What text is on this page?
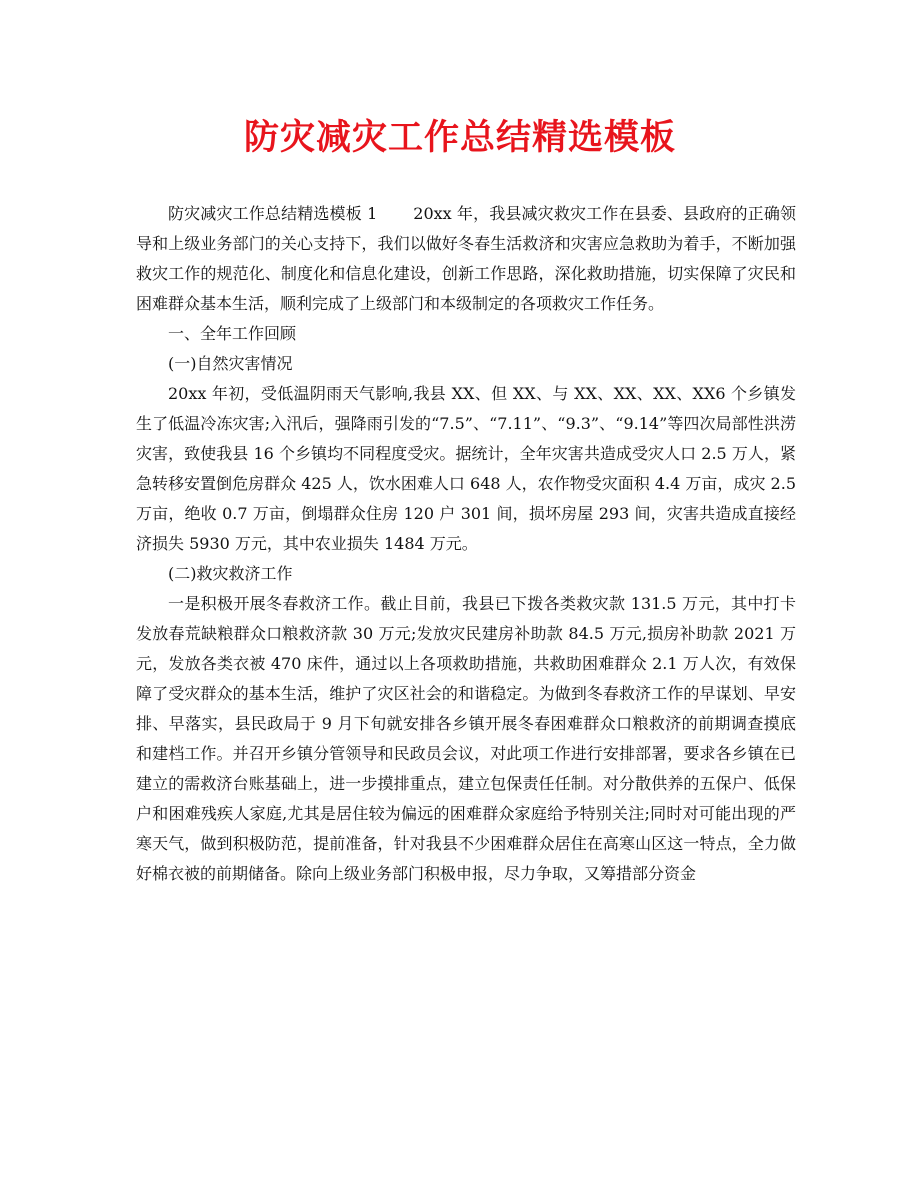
防灾减灾工作总结精选模板

防灾减灾工作总结精选模板 1 20xx 年，我县减灾救灾工作在县委、县政府的正确领导和上级业务部门的关心支持下，我们以做好冬春生活救济和灾害应急救助为着手，不断加强救灾工作的规范化、制度化和信息化建设，创新工作思路，深化救助措施，切实保障了灾民和困难群众基本生活，顺利完成了上级部门和本级制定的各项救灾工作任务。

一、全年工作回顾

(一)自然灾害情况

20xx 年初，受低温阴雨天气影响,我县 XX、但 XX、与 XX、XX、XX、XX6 个乡镇发生了低温冷冻灾害;入汛后，强降雨引发的“7.5”、“7.11”、“9.3”、“9.14”等四次局部性洪涝灾害，致使我县 16 个乡镇均不同程度受灾。据统计，全年灾害共造成受灾人口 2.5 万人，紧急转移安置倒危房群众 425 人，饮水困难人口 648 人，农作物受灾面积 4.4 万亩，成灾 2.5 万亩，绝收 0.7 万亩，倒塌群众住房 120 户 301 间，损坏房屋 293 间，灾害共造成直接经济损失 5930 万元，其中农业损失 1484 万元。

(二)救灾救济工作

一是积极开展冬春救济工作。截止目前，我县已下拨各类救灾款 131.5 万元，其中打卡发放春荒缺粮群众口粮救济款 30 万元;发放灾民建房补助款 84.5 万元,损房补助款 2021 万元，发放各类衣被 470 床件，通过以上各项救助措施，共救助困难群众 2.1 万人次，有效保障了受灾群众的基本生活，维护了灾区社会的和谐稳定。为做到冬春救济工作的早谋划、早安排、早落实，县民政局于 9 月下旬就安排各乡镇开展冬春困难群众口粮救济的前期调查摸底和建档工作。并召开乡镇分管领导和民政员会议，对此项工作进行安排部署，要求各乡镇在已建立的需救济台账基础上，进一步摸排重点，建立包保责任任制。对分散供养的五保户、低保户和困难残疾人家庭,尤其是居住较为偏远的困难群众家庭给予特别关注;同时对可能出现的严寒天气，做到积极防范，提前准备，针对我县不少困难群众居住在高寒山区这一特点，全力做好棉衣被的前期储备。除向上级业务部门积极申报，尽力争取，又筹措部分资金
